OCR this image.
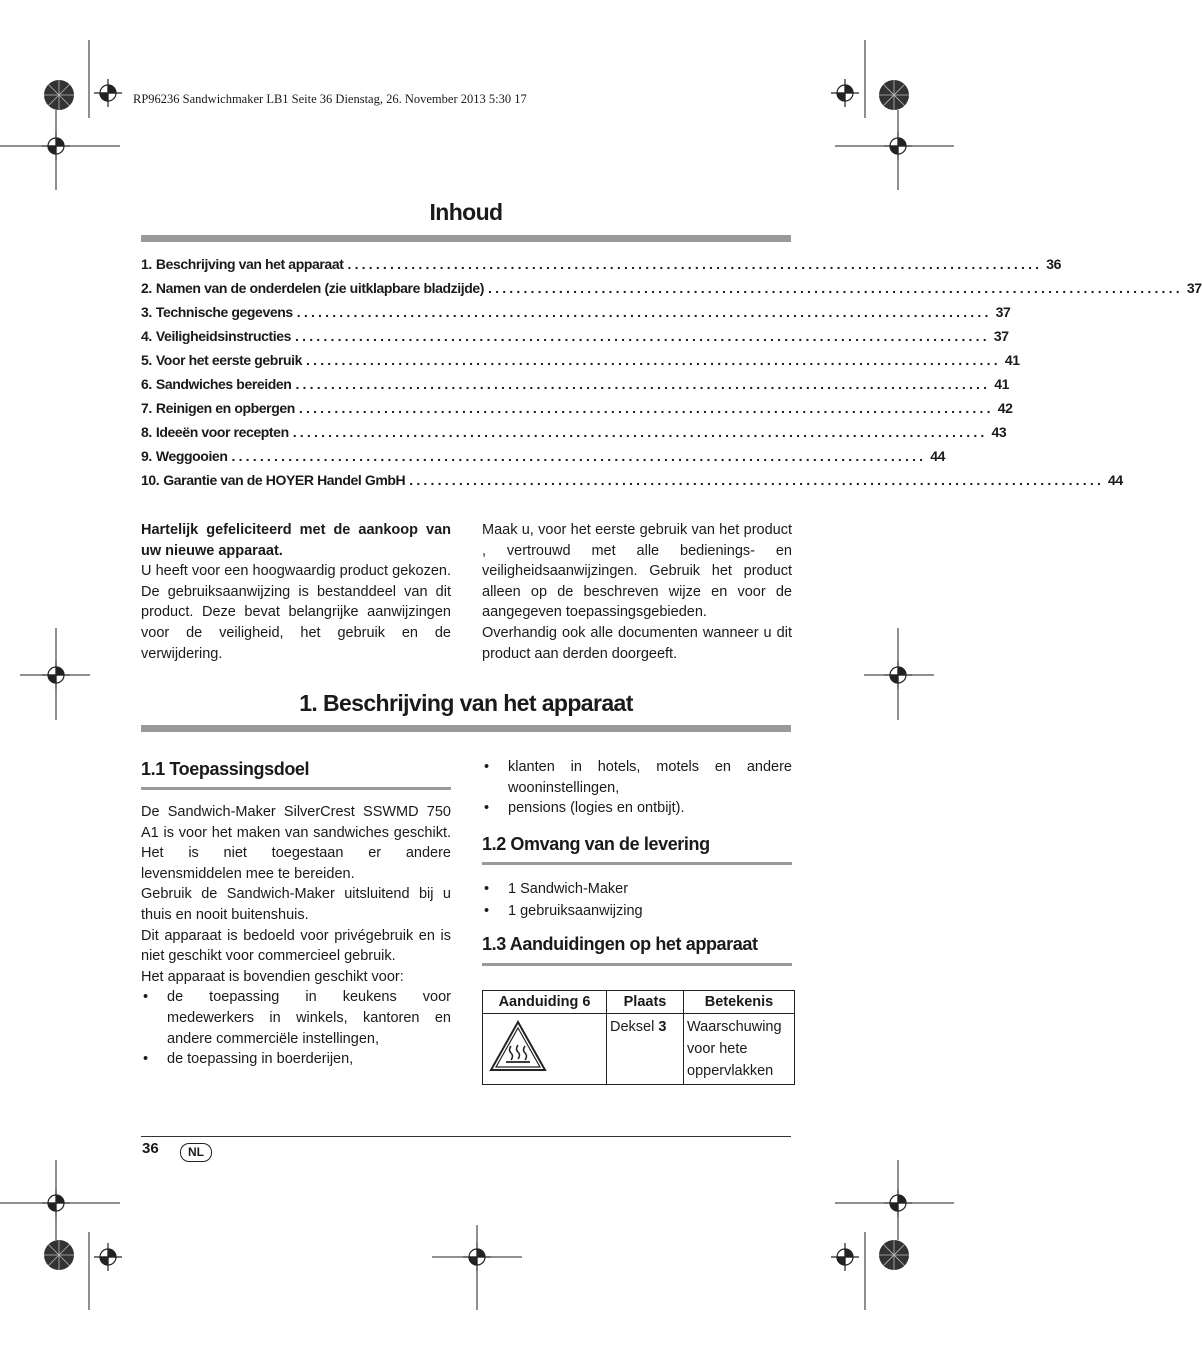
RP96236 Sandwichmaker LB1 Seite 36 Dienstag, 26. November 2013 5:30 17
Inhoud
1. Beschrijving van het apparaat .................................................................................................. 36
2. Namen van de onderdelen (zie uitklapbare bladzijde) .................................................................................................. 37
3. Technische gegevens .................................................................................................. 37
4. Veiligheidsinstructies .................................................................................................. 37
5. Voor het eerste gebruik .................................................................................................. 41
6. Sandwiches bereiden .................................................................................................. 41
7. Reinigen en opbergen .................................................................................................. 42
8. Ideeën voor recepten .................................................................................................. 43
9. Weggooien .................................................................................................. 44
10. Garantie van de HOYER Handel GmbH .................................................................................................. 44

Hartelijk gefeliciteerd met de aankoop van uw nieuwe apparaat.

U heeft voor een hoogwaardig product gekozen. De gebruiksaanwijzing is bestanddeel van dit product. Deze bevat belangrijke aanwijzingen voor de veiligheid, het gebruik en de verwijdering.

Maak u, voor het eerste gebruik van het product , vertrouwd met alle bedienings- en veiligheidsaanwijzingen. Gebruik het product alleen op de beschreven wijze en voor de aangegeven toepassingsgebieden.

Overhandig ook alle documenten wanneer u dit product aan derden doorgeeft.

1. Beschrijving van het apparaat
1.1 Toepassingsdoel

De Sandwich-Maker SilverCrest SSWMD 750 A1 is voor het maken van sandwiches geschikt. Het is niet toegestaan er andere levensmiddelen mee te bereiden.

Gebruik de Sandwich-Maker uitsluitend bij u thuis en nooit buitenshuis.

Dit apparaat is bedoeld voor privégebruik en is niet geschikt voor commercieel gebruik.

Het apparaat is bovendien geschikt voor:

• de toepassing in keukens voor medewerkers in winkels, kantoren en andere commerciële instellingen,
• de toepassing in boerderijen,
• klanten in hotels, motels en andere wooninstellingen,
• pensions (logies en ontbijt).
1.2 Omvang van de levering
• 1 Sandwich-Maker
• 1 gebruiksaanwijzing
1.3 Aanduidingen op het apparaat
Aanduiding 6	Plaats	Betekenis

	Deksel 3	Waarschuwing voor hete oppervlakken
36	NL
